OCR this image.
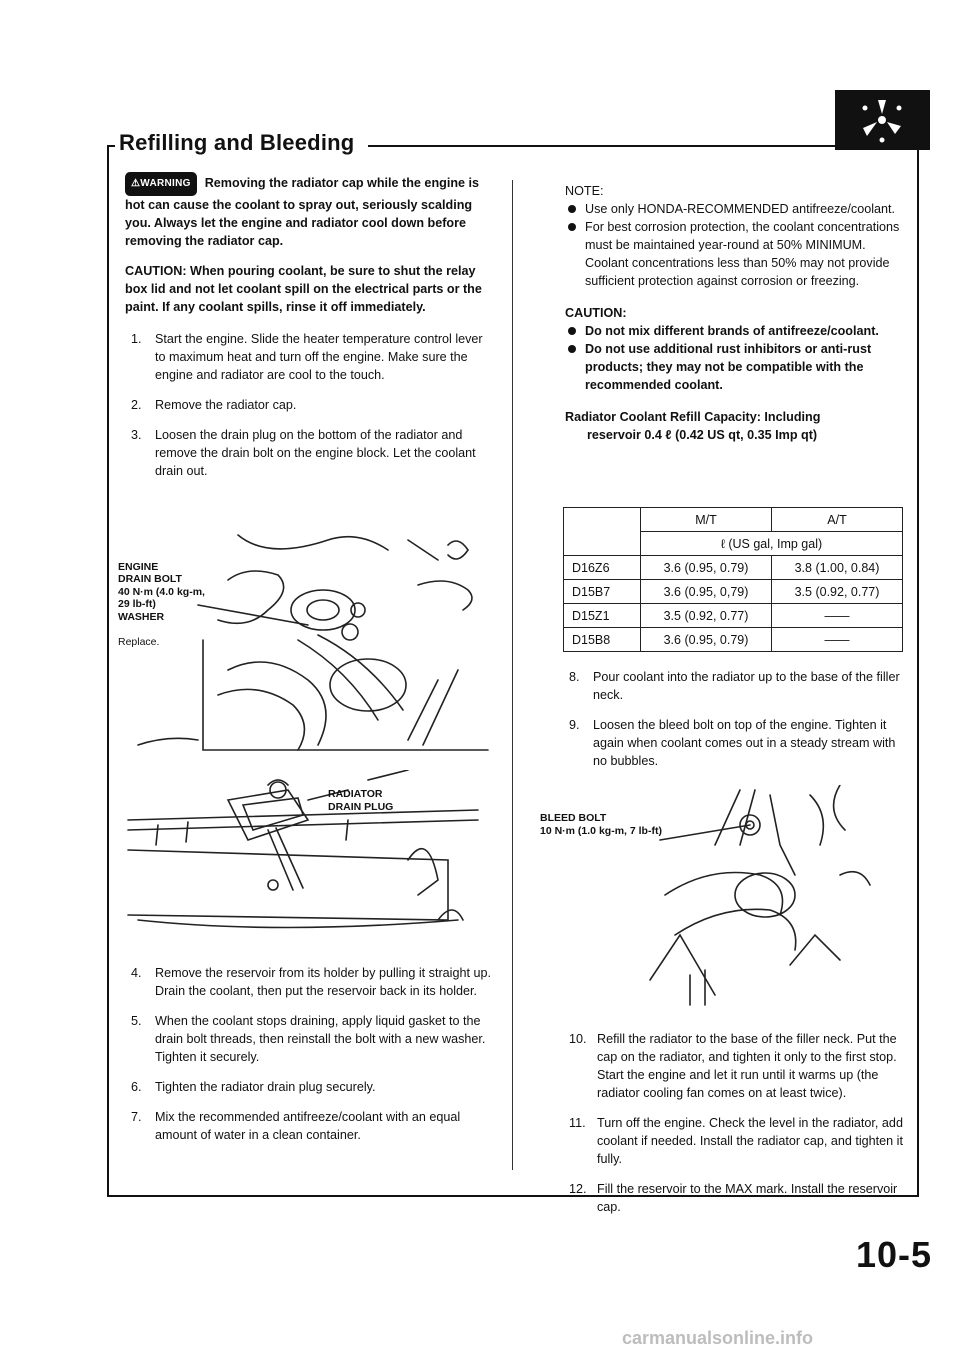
Refilling and Bleeding

⚠WARNING Removing the radiator cap while the engine is hot can cause the coolant to spray out, seriously scalding you. Always let the engine and radiator cool down before removing the radiator cap.

CAUTION: When pouring coolant, be sure to shut the relay box lid and not let coolant spill on the electrical parts or the paint. If any coolant spills, rinse it off immediately.

1. Start the engine. Slide the heater temperature control lever to maximum heat and turn off the engine. Make sure the engine and radiator are cool to the touch.
2. Remove the radiator cap.
3. Loosen the drain plug on the bottom of the radiator and remove the drain bolt on the engine block. Let the coolant drain out.

ENGINE
DRAIN BOLT
40 N·m (4.0 kg-m,
29 lb-ft)
WASHER

Replace.

RADIATOR
DRAIN PLUG
4. Remove the reservoir from its holder by pulling it straight up. Drain the coolant, then put the reservoir back in its holder.
5. When the coolant stops draining, apply liquid gasket to the drain bolt threads, then reinstall the bolt with a new washer. Tighten it securely.
6. Tighten the radiator drain plug securely.
7. Mix the recommended antifreeze/coolant with an equal amount of water in a clean container.
NOTE:
Use only HONDA-RECOMMENDED antifreeze/coolant.
For best corrosion protection, the coolant concentrations must be maintained year-round at 50% MINIMUM. Coolant concentrations less than 50% may not provide sufficient protection against corrosion or freezing.
CAUTION:
Do not mix different brands of antifreeze/coolant.
Do not use additional rust inhibitors or anti-rust products; they may not be compatible with the recommended coolant.
Radiator Coolant Refill Capacity: Including
reservoir 0.4 ℓ (0.42 US qt, 0.35 Imp qt)
	M/T	A/T
	ℓ (US gal, Imp gal)	
D16Z6	3.6 (0.95, 0.79)	3.8 (1.00, 0.84)
D15B7	3.6 (0.95, 0,79)	3.5 (0.92, 0.77)
D15Z1	3.5 (0.92, 0.77)	——
D15B8	3.6 (0.95, 0.79)	——
8. Pour coolant into the radiator up to the base of the filler neck.
9. Loosen the bleed bolt on top of the engine. Tighten it again when coolant comes out in a steady stream with no bubbles.
BLEED BOLT
10 N·m (1.0 kg-m, 7 lb-ft)
10. Refill the radiator to the base of the filler neck. Put the cap on the radiator, and tighten it only to the first stop. Start the engine and let it run until it warms up (the radiator cooling fan comes on at least twice).
11. Turn off the engine. Check the level in the radiator, add coolant if needed. Install the radiator cap, and tighten it fully.
12. Fill the reservoir to the MAX mark. Install the reservoir cap.
10-5
carmanualsonline.info
